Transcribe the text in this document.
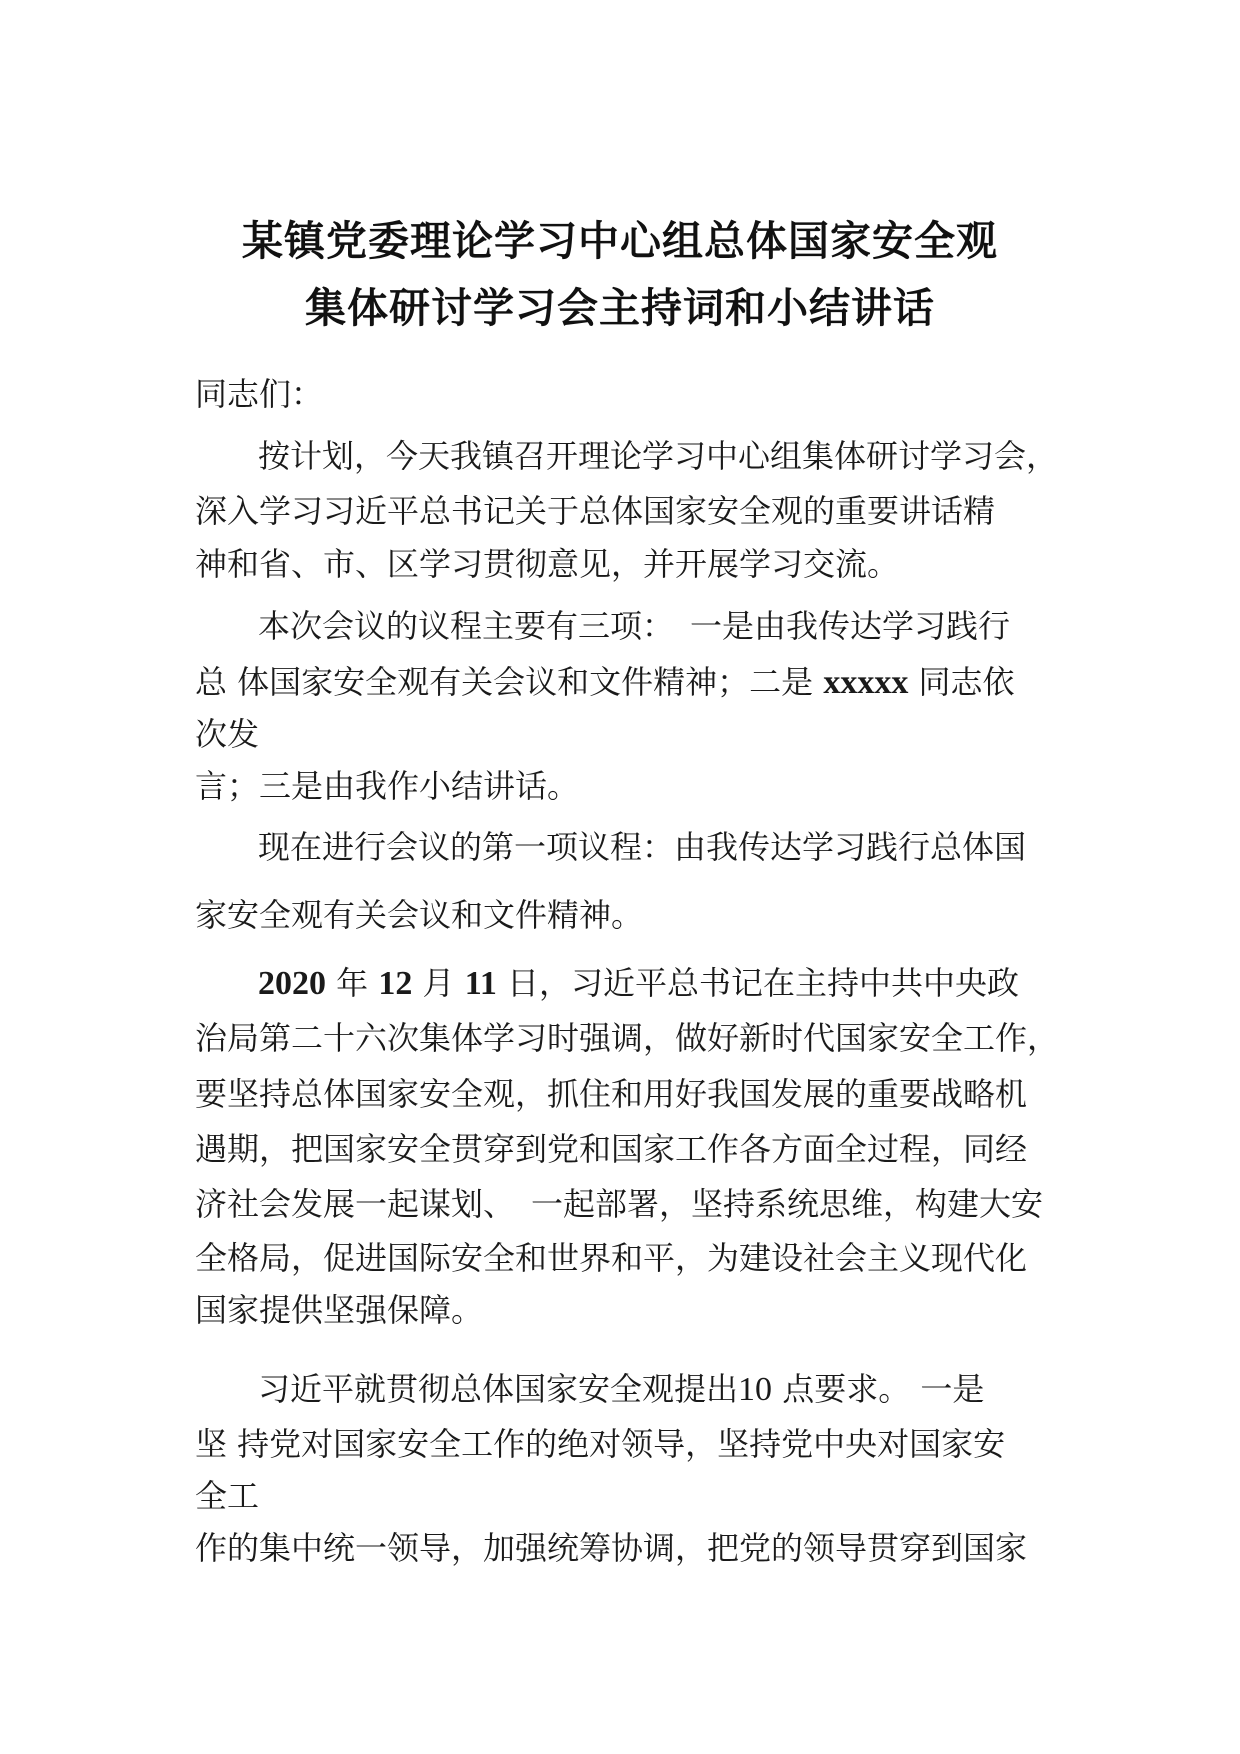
某镇党委理论学习中心组总体国家安全观
集体研讨学习会主持词和小结讲话
同志们：
按计划，今天我镇召开理论学习中心组集体研讨学习会，
深入学习习近平总书记关于总体国家安全观的重要讲话精
神和省、市、区学习贯彻意见，并开展学习交流。
本次会议的议程主要有三项：　一是由我传达学习践行
总 体国家安全观有关会议和文件精神；二是 xxxxx 同志依
次发
言；三是由我作小结讲话。
现在进行会议的第一项议程：由我传达学习践行总体国
家安全观有关会议和文件精神。
2020 年 12 月 11 日，习近平总书记在主持中共中央政
治局第二十六次集体学习时强调，做好新时代国家安全工作，
要坚持总体国家安全观，抓住和用好我国发展的重要战略机
遇期，把国家安全贯穿到党和国家工作各方面全过程，同经
济社会发展一起谋划、　一起部署，坚持系统思维，构建大安
全格局，促进国际安全和世界和平，为建设社会主义现代化
国家提供坚强保障。
习近平就贯彻总体国家安全观提出10 点要求。 一是
坚 持党对国家安全工作的绝对领导，坚持党中央对国家安
全工
作的集中统一领导，加强统筹协调，把党的领导贯穿到国家
